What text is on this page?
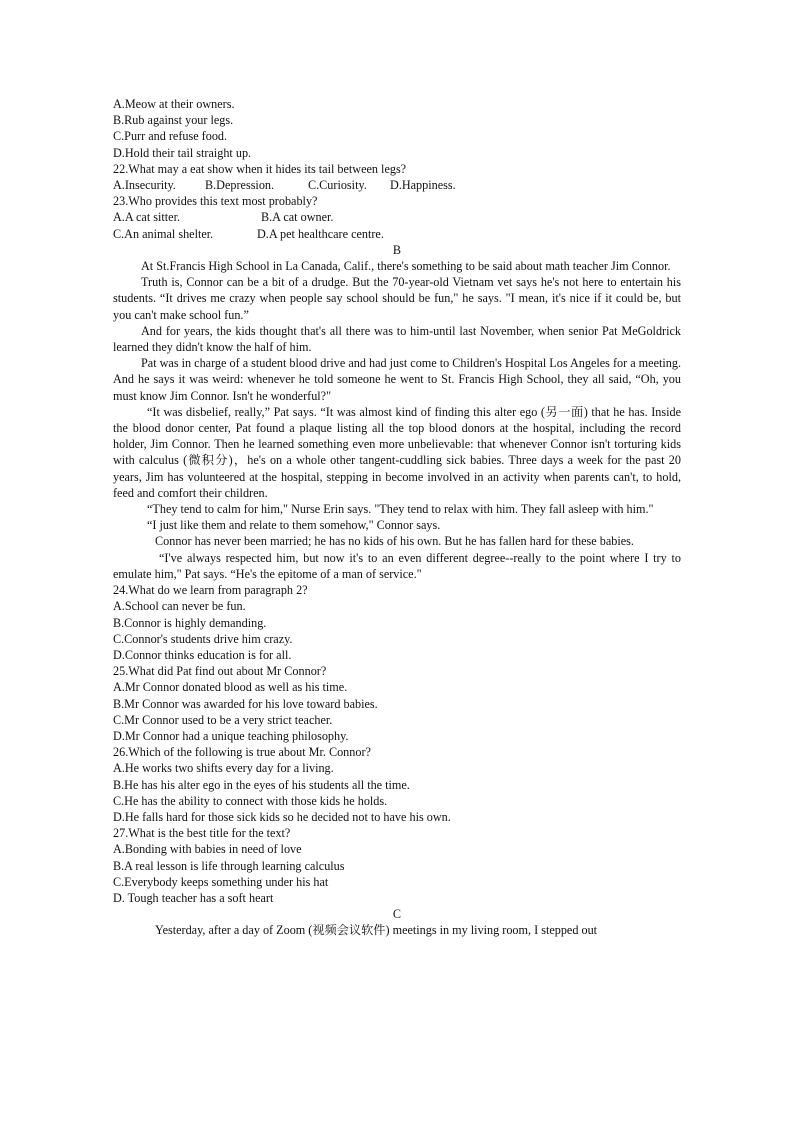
A.Meow at their owners.

B.Rub against your legs.

C.Purr and refuse food.

D.Hold their tail straight up.

22.What may a eat show when it hides its tail between legs?

A.Insecurity.	B.Depression.	C.Curiosity.	D.Happiness.

23.Who provides this text most probably?

A.A cat sitter.	B.A cat owner.
C.An animal shelter.	D.A pet healthcare centre.

B

At St.Francis High School in La Canada, Calif., there's something to be said about math teacher Jim Connor.

Truth is, Connor can be a bit of a drudge. But the 70-year-old Vietnam vet says he's not here to entertain his students. “It drives me crazy when people say school should be fun," he says. "I mean, it's nice if it could be, but you can't make school fun.”

And for years, the kids thought that's all there was to him-until last November, when senior Pat MeGoldrick learned they didn't know the half of him.

Pat was in charge of a student blood drive and had just come to Children's Hospital Los Angeles for a meeting. And he says it was weird: whenever he told someone he went to St. Francis High School, they all said, “Oh, you must know Jim Connor. Isn't he wonderful?"

“It was disbelief, really,” Pat says. “It was almost kind of finding this alter ego (另一面) that he has. Inside the blood donor center, Pat found a plaque listing all the top blood donors at the hospital, including the record holder, Jim Connor. Then he learned something even more unbelievable: that whenever Connor isn't torturing kids with calculus (微积分)，he's on a whole other tangent-cuddling sick babies. Three days a week for the past 20 years, Jim has volunteered at the hospital, stepping in become involved in an activity when parents can't, to hold, feed and comfort their children.

“They tend to calm for him," Nurse Erin says. "They tend to relax with him. They fall asleep with him."

“I just like them and relate to them somehow," Connor says.

Connor has never been married; he has no kids of his own. But he has fallen hard for these babies.

“I've always respected him, but now it's to an even different degree--really to the point where I try to emulate him," Pat says. “He's the epitome of a man of service."

24.What do we learn from paragraph 2?

A.School can never be fun.

B.Connor is highly demanding.

C.Connor's students drive him crazy.

D.Connor thinks education is for all.

25.What did Pat find out about Mr Connor?

A.Mr Connor donated blood as well as his time.

B.Mr Connor was awarded for his love toward babies.

C.Mr Connor used to be a very strict teacher.

D.Mr Connor had a unique teaching philosophy.

26.Which of the following is true about Mr. Connor?

A.He works two shifts every day for a living.

B.He has his alter ego in the eyes of his students all the time.

C.He has the ability to connect with those kids he holds.

D.He falls hard for those sick kids so he decided not to have his own.

27.What is the best title for the text?

A.Bonding with babies in need of love

B.A real lesson is life through learning calculus

C.Everybody keeps something under his hat

D. Tough teacher has a soft heart

C

Yesterday, after a day of Zoom (视频会议软件) meetings in my living room, I stepped out
